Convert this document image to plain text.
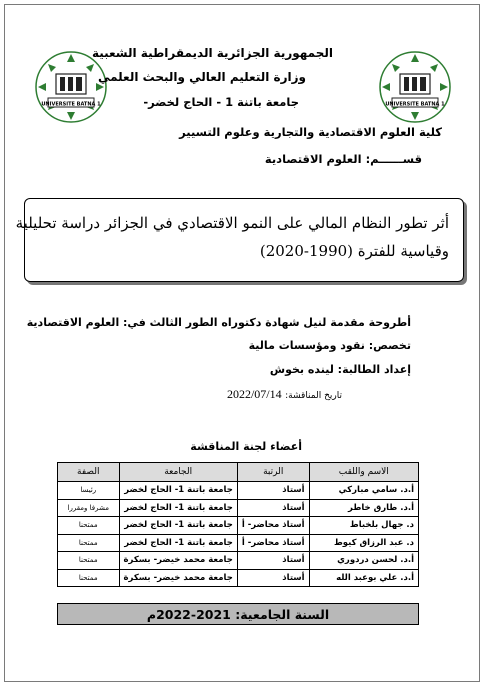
UNIVERSITE BATNA 1
UNIVERSITE BATNA 1
الجمهورية الجزائرية الديمقراطية الشعبية
وزارة التعليم العالي والبحث العلمي
جامعة باتنة 1 - الحاج لخضر-
كلية العلوم الاقتصادية والتجارية وعلوم التسيير
قســــــم: العلوم الاقتصادية
أثر تطور النظام المالي على النمو الاقتصادي في الجزائر دراسة تحليلية
وقياسية للفترة (1990-2020)
أطروحة مقدمة لنيل شهادة دكتوراه الطور الثالث في: العلوم الاقتصادية
تخصص: نقود ومؤسسات مالية
إعداد الطالبة: لينده بخوش
تاريخ المناقشة: 2022/07/14
أعضاء لجنة المناقشة
الاسم واللقب	الرتبة	الجامعة	الصفة
أ.د. سامي مباركي	أستاذ	جامعة باتنة 1- الحاج لخضر	رئيسا
أ.د. طارق خاطر	أستاذ	جامعة باتنة 1- الحاج لخضر	مشرفا ومقررا
د. جهال بلخباط	أستاذ محاضر- أ	جامعة باتنة 1- الحاج لخضر	ممتحنا
د. عبد الرزاق كيوط	أستاذ محاضر- أ	جامعة باتنة 1- الحاج لخضر	ممتحنا
أ.د. لحسن دردوري	أستاذ	جامعة محمد خيضر- بسكرة	ممتحنا
أ.د. علي بوعبد الله	أستاذ	جامعة محمد خيضر- بسكرة	ممتحنا
السنة الجامعية: 2021-2022م
